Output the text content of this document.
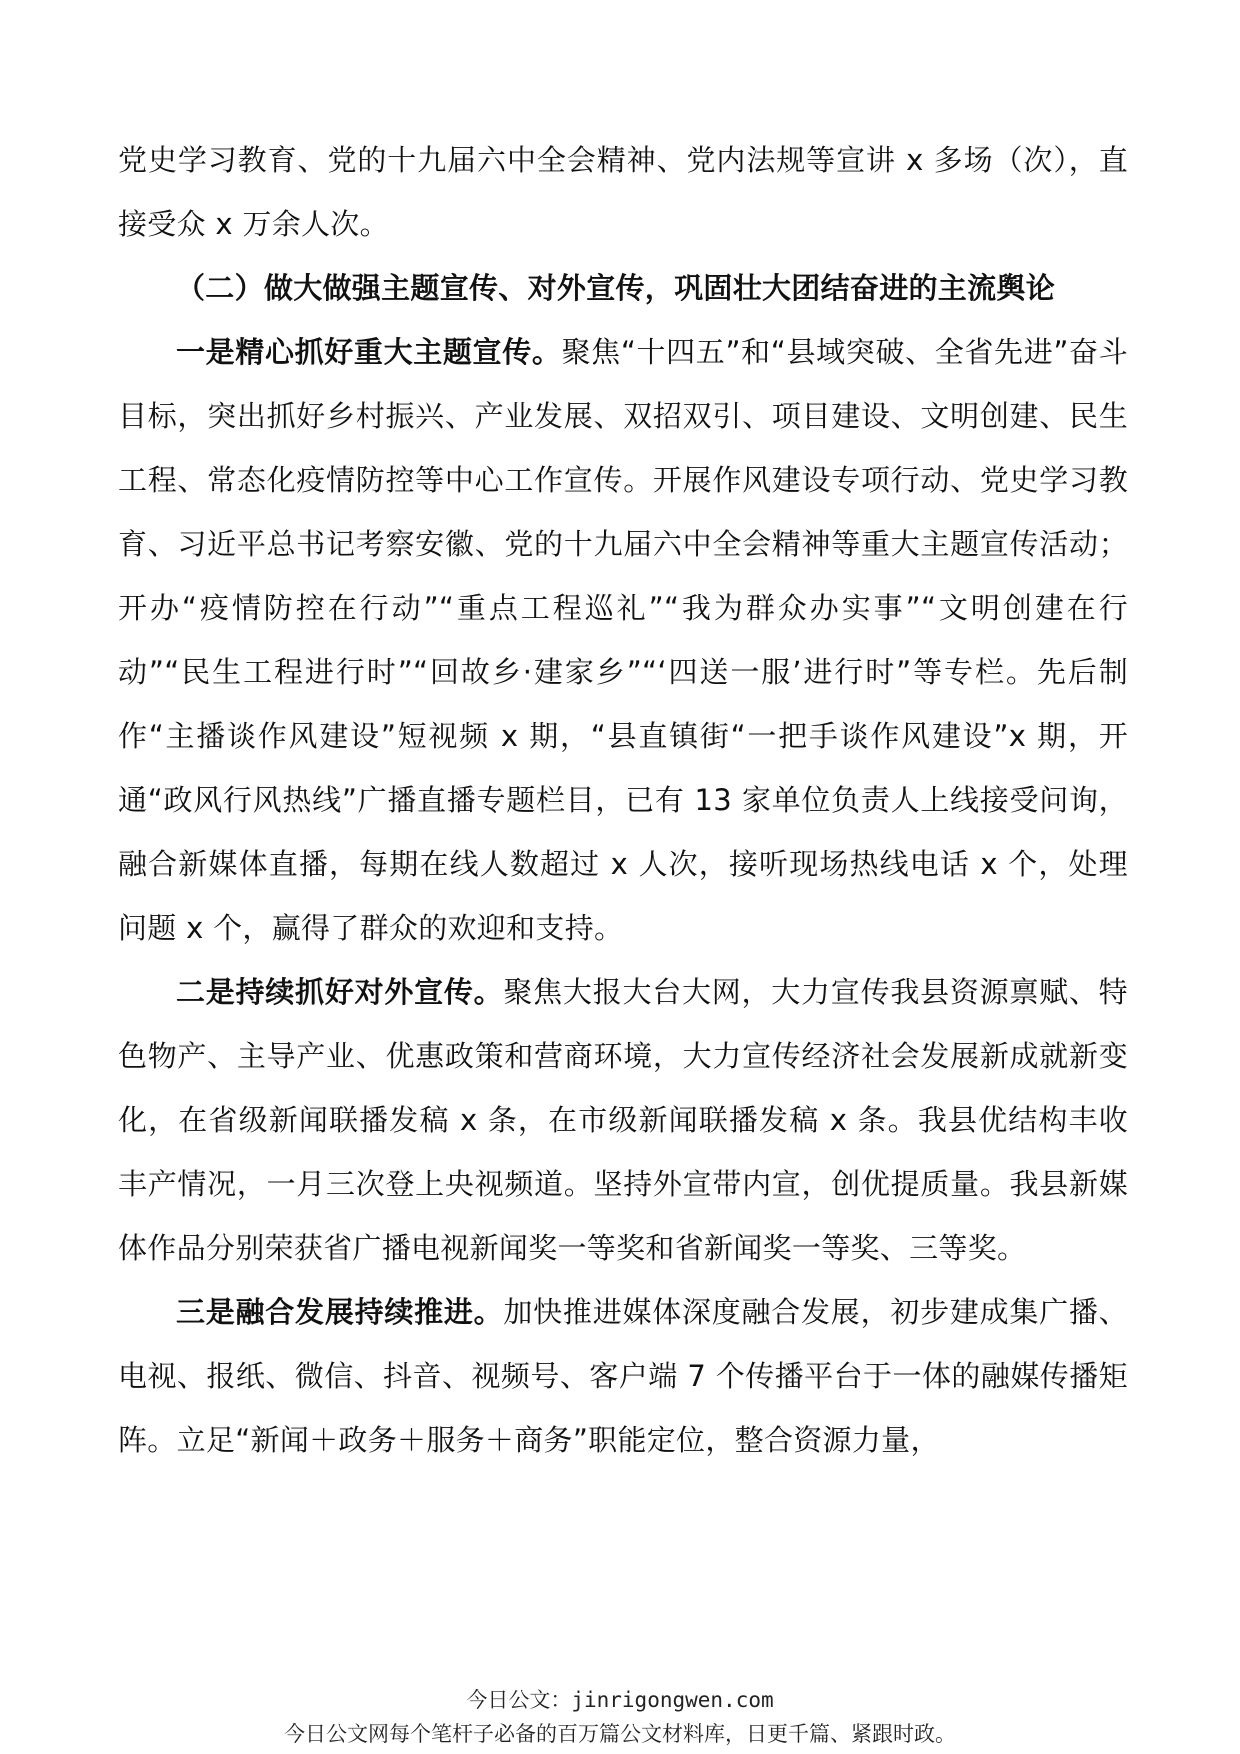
党史学习教育、党的十九届六中全会精神、党内法规等宣讲 x 多场（次），直接受众 x 万余人次。

（二）做大做强主题宣传、对外宣传，巩固壮大团结奋进的主流舆论

一是精心抓好重大主题宣传。聚焦“十四五”和“县域突破、全省先进”奋斗目标，突出抓好乡村振兴、产业发展、双招双引、项目建设、文明创建、民生工程、常态化疫情防控等中心工作宣传。开展作风建设专项行动、党史学习教育、习近平总书记考察安徽、党的十九届六中全会精神等重大主题宣传活动；开办“疫情防控在行动”“重点工程巡礼”“我为群众办实事”“文明创建在行动”“民生工程进行时”“回故乡·建家乡”“‘四送一服’进行时”等专栏。先后制作“主播谈作风建设”短视频 x 期，“县直镇街“一把手谈作风建设”x 期，开通“政风行风热线”广播直播专题栏目，已有 13 家单位负责人上线接受问询，融合新媒体直播，每期在线人数超过 x 人次，接听现场热线电话 x 个，处理问题 x 个，赢得了群众的欢迎和支持。

二是持续抓好对外宣传。聚焦大报大台大网，大力宣传我县资源禀赋、特色物产、主导产业、优惠政策和营商环境，大力宣传经济社会发展新成就新变化，在省级新闻联播发稿 x 条，在市级新闻联播发稿 x 条。我县优结构丰收丰产情况，一月三次登上央视频道。坚持外宣带内宣，创优提质量。我县新媒体作品分别荣获省广播电视新闻奖一等奖和省新闻奖一等奖、三等奖。

三是融合发展持续推进。加快推进媒体深度融合发展，初步建成集广播、电视、报纸、微信、抖音、视频号、客户端 7 个传播平台于一体的融媒传播矩阵。立足“新闻＋政务＋服务＋商务”职能定位，整合资源力量，

今日公文：jinrigongwen.com
今日公文网每个笔杆子必备的百万篇公文材料库，日更千篇、紧跟时政。
